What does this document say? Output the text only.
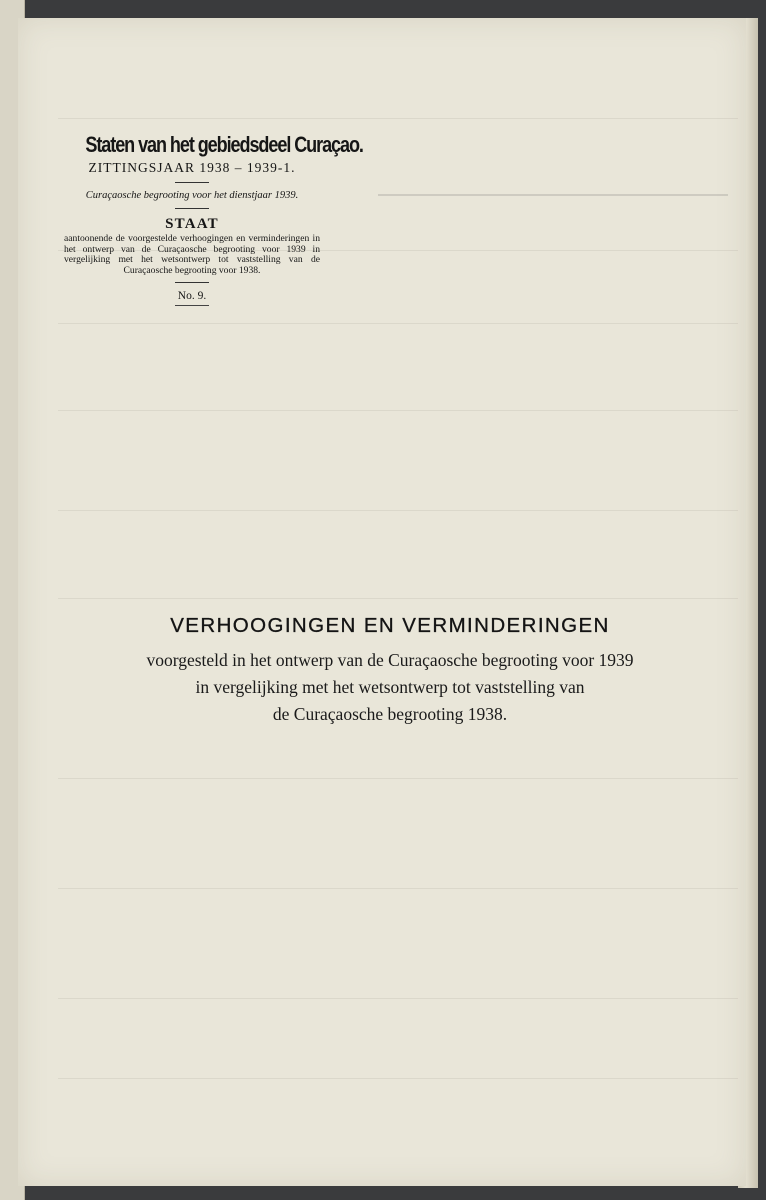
Staten van het gebiedsdeel Curaçao.
ZITTINGSJAAR 1938 – 1939-1.
Curaçaosche begrooting voor het dienstjaar 1939.
STAAT
aantoonende de voorgestelde verhoogingen en verminderingen in het ontwerp van de Curaçaosche begrooting voor 1939 in vergelijking met het wetsontwerp tot vaststelling van de Curaçaosche begrooting voor 1938.
No. 9.
VERHOOGINGEN EN VERMINDERINGEN
voorgesteld in het ontwerp van de Curaçaosche begrooting voor 1939
in vergelijking met het wetsontwerp tot vaststelling van
de Curaçaosche begrooting 1938.
